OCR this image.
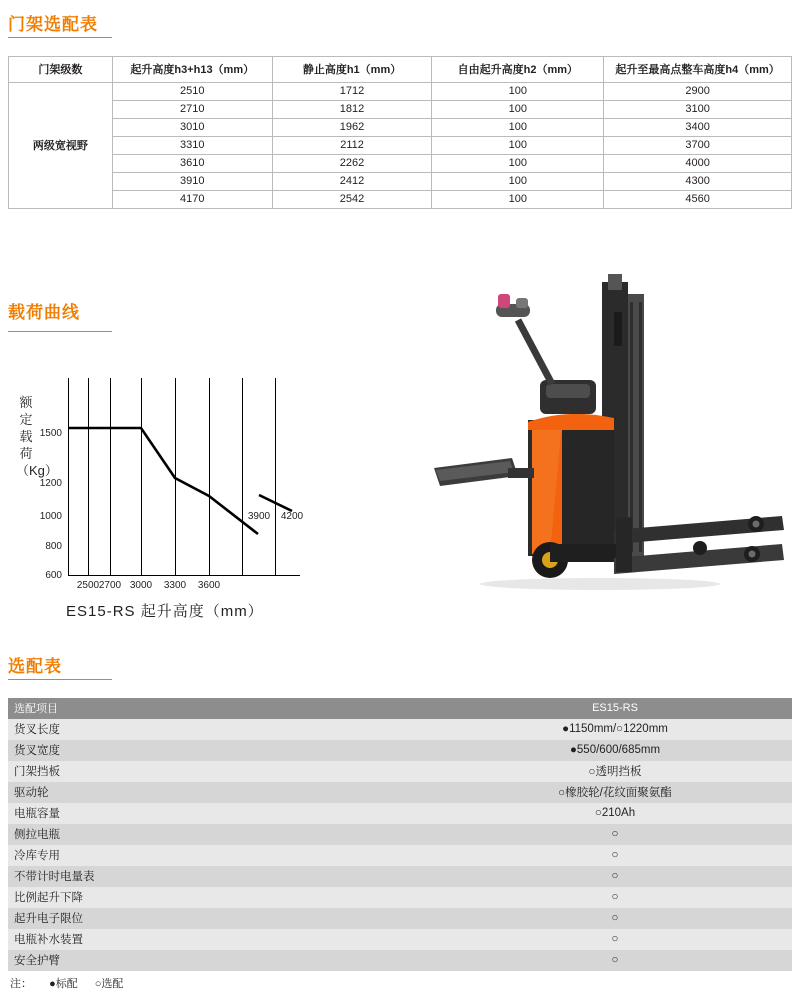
门架选配表
门架级数	起升高度h3+h13（mm）	静止高度h1（mm）	自由起升高度h2（mm）	起升至最高点整车高度h4（mm）
两级宽视野	2510	1712	100	2900
	2710	1812	100	3100
	3010	1962	100	3400
	3310	2112	100	3700
	3610	2262	100	4000
	3910	2412	100	4300
	4170	2542	100	4560
载荷曲线
额定载荷（Kg）
1500
1200
1000
800
600
2500 2700 3000	3300	3600
3900	4200
ES15-RS 起升高度（mm）
选配表
选配项目	ES15-RS
货叉长度	●1150mm/○1220mm
货叉宽度	●550/600/685mm
门架挡板	○透明挡板
驱动轮	○橡胶轮/花纹面聚氨酯
电瓶容量	○210Ah
侧拉电瓶	○
冷库专用	○
不带计时电量表	○
比例起升下降	○
起升电子限位	○
电瓶补水装置	○
安全护臂	○
注： ●标配 ○选配
